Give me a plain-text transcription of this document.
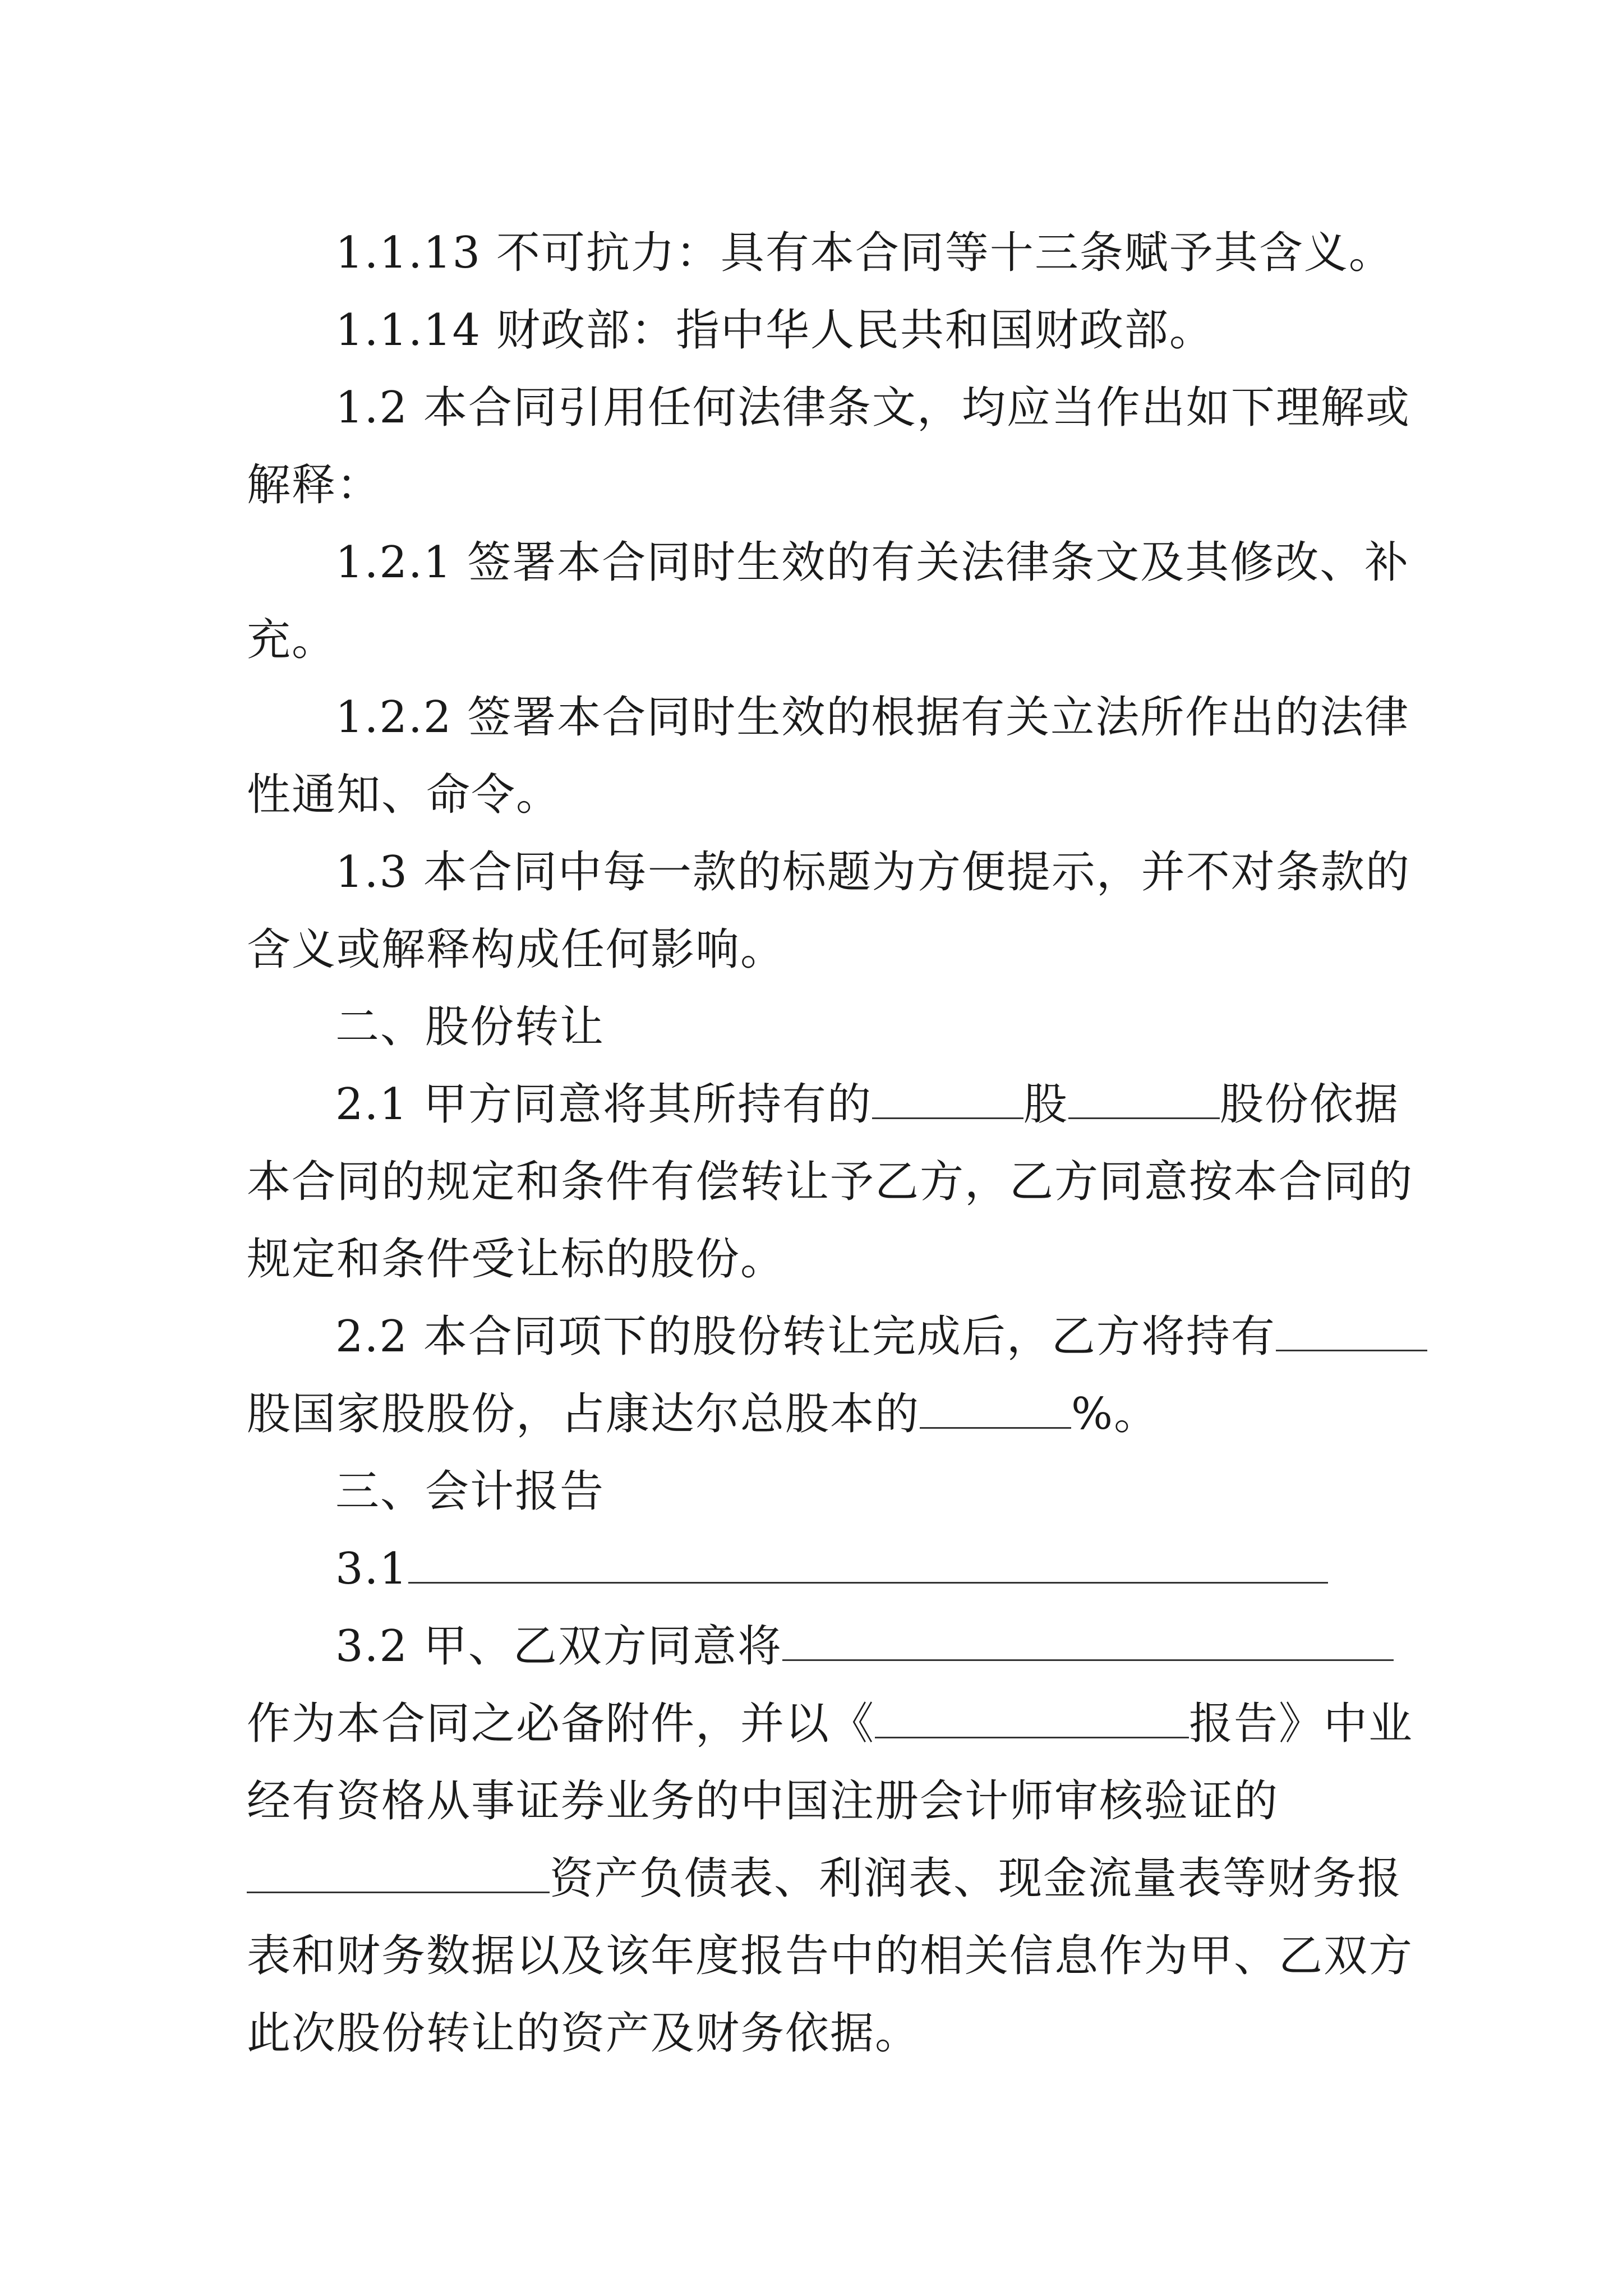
1.1.13 不可抗力：具有本合同等十三条赋予其含义。
1.1.14 财政部：指中华人民共和国财政部。
1.2 本合同引用任何法律条文，均应当作出如下理解或
解释：
1.2.1 签署本合同时生效的有关法律条文及其修改、补
充。
1.2.2 签署本合同时生效的根据有关立法所作出的法律
性通知、命令。
1.3 本合同中每一款的标题为方便提示，并不对条款的
含义或解释构成任何影响。
二、股份转让
2.1 甲方同意将其所持有的	股	股份依据
本合同的规定和条件有偿转让予乙方，乙方同意按本合同的
规定和条件受让标的股份。
2.2 本合同项下的股份转让完成后，乙方将持有
股国家股股份，占康达尔总股本的	%。
三、会计报告
3.1
3.2 甲、乙双方同意将
作为本合同之必备附件，并以《	报告》中业
经有资格从事证券业务的中国注册会计师审核验证的
资产负债表、利润表、现金流量表等财务报
表和财务数据以及该年度报告中的相关信息作为甲、乙双方
此次股份转让的资产及财务依据。
